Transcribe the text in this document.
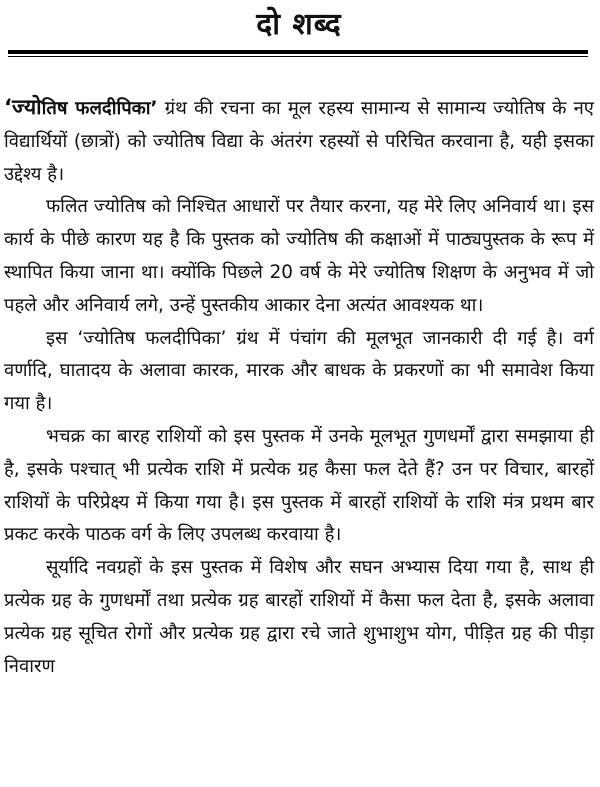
दो शब्द

‘ज्योतिष फलदीपिका’ ग्रंथ की रचना का मूल रहस्य सामान्य से सामान्य ज्योतिष के नए विद्यार्थियों (छात्रों) को ज्योतिष विद्या के अंतरंग रहस्यों से परिचित करवाना है, यही इसका उद्देश्य है।

फलित ज्योतिष को निश्चित आधारों पर तैयार करना, यह मेरे लिए अनिवार्य था। इस कार्य के पीछे कारण यह है कि पुस्तक को ज्योतिष की कक्षाओं में पाठ्यपुस्तक के रूप में स्थापित किया जाना था। क्योंकि पिछले 20 वर्ष के मेरे ज्योतिष शिक्षण के अनुभव में जो पहले और अनिवार्य लगे, उन्हें पुस्तकीय आकार देना अत्यंत आवश्यक था।

इस ‘ज्योतिष फलदीपिका’ ग्रंथ में पंचांग की मूलभूत जानकारी दी गई है। वर्ग वर्णादि, घातादय के अलावा कारक, मारक और बाधक के प्रकरणों का भी समावेश किया गया है।

भचक्र का बारह राशियों को इस पुस्तक में उनके मूलभूत गुणधर्मों द्वारा समझाया ही है, इसके पश्चात् भी प्रत्येक राशि में प्रत्येक ग्रह कैसा फल देते हैं? उन पर विचार, बारहों राशियों के परिप्रेक्ष्य में किया गया है। इस पुस्तक में बारहों राशियों के राशि मंत्र प्रथम बार प्रकट करके पाठक वर्ग के लिए उपलब्ध करवाया है।

सूर्यादि नवग्रहों के इस पुस्तक में विशेष और सघन अभ्यास दिया गया है, साथ ही प्रत्येक ग्रह के गुणधर्मों तथा प्रत्येक ग्रह बारहों राशियों में कैसा फल देता है, इसके अलावा प्रत्येक ग्रह सूचित रोगों और प्रत्येक ग्रह द्वारा रचे जाते शुभाशुभ योग, पीड़ित ग्रह की पीड़ा निवारण
